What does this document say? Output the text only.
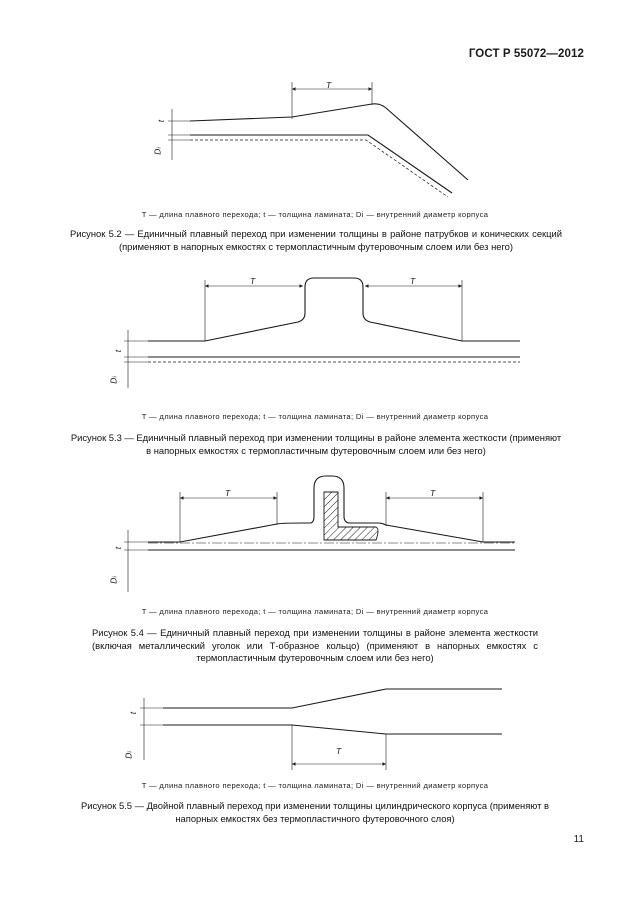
ГОСТ Р 55072—2012
T
t
Di
T — длина плавного перехода; t — толщина ламината; Di — внутренний диаметр корпуса
Рисунок 5.2 — Единичный плавный переход при изменении толщины в районе патрубков и конических секций (применяют в напорных емкостях с термопластичным футеровочным слоем или без него)
T	T
t
Di
T — длина плавного перехода; t — толщина ламината; Di — внутренний диаметр корпуса
Рисунок 5.3 — Единичный плавный переход при изменении толщины в районе элемента жесткости (применяют в напорных емкостях с термопластичным футеровочным слоем или без него)
T	T
t
Di
T — длина плавного перехода; t — толщина ламината; Di — внутренний диаметр корпуса
Рисунок 5.4 — Единичный плавный переход при изменении толщины в районе элемента жесткости (включая металлический уголок или Т-образное кольцо) (применяют в напорных емкостях с термопластичным футеровочным слоем или без него)
T
t
Di
T — длина плавного перехода; t — толщина ламината; Di — внутренний диаметр корпуса
Рисунок 5.5 — Двойной плавный переход при изменении толщины цилиндрического корпуса (применяют в напорных емкостях без термопластичного футеровочного слоя)
11
